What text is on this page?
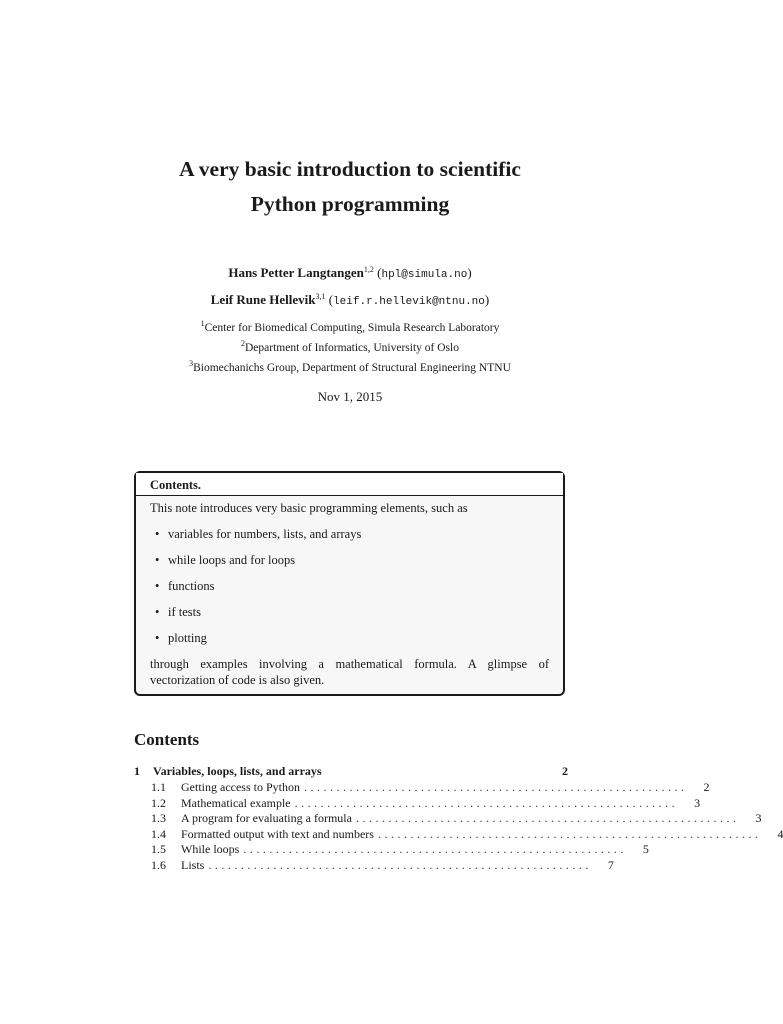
A very basic introduction to scientific
Python programming
Hans Petter Langtangen$^{1,2}$ (hpl@simula.no)
Leif Rune Hellevik$^{3,1}$ (leif.r.hellevik@ntnu.no)
$^1$Center for Biomedical Computing, Simula Research Laboratory
$^2$Department of Informatics, University of Oslo
$^3$Biomechanichs Group, Department of Structural Engineering NTNU
Nov 1, 2015
Contents.

This note introduces very basic programming elements, such as

• variables for numbers, lists, and arrays
• while loops and for loops
• functions
• if tests
• plotting

through examples involving a mathematical formula. A glimpse of vectorization of code is also given.

Contents
1	Variables, loops, lists, and arrays	2
1.1	Getting access to Python ...........................................................	2
1.2	Mathematical example ...........................................................	3
1.3	A program for evaluating a formula ...........................................................	3
1.4	Formatted output with text and numbers ...........................................................	4
1.5	While loops ...........................................................	5
1.6	Lists ...........................................................	7
